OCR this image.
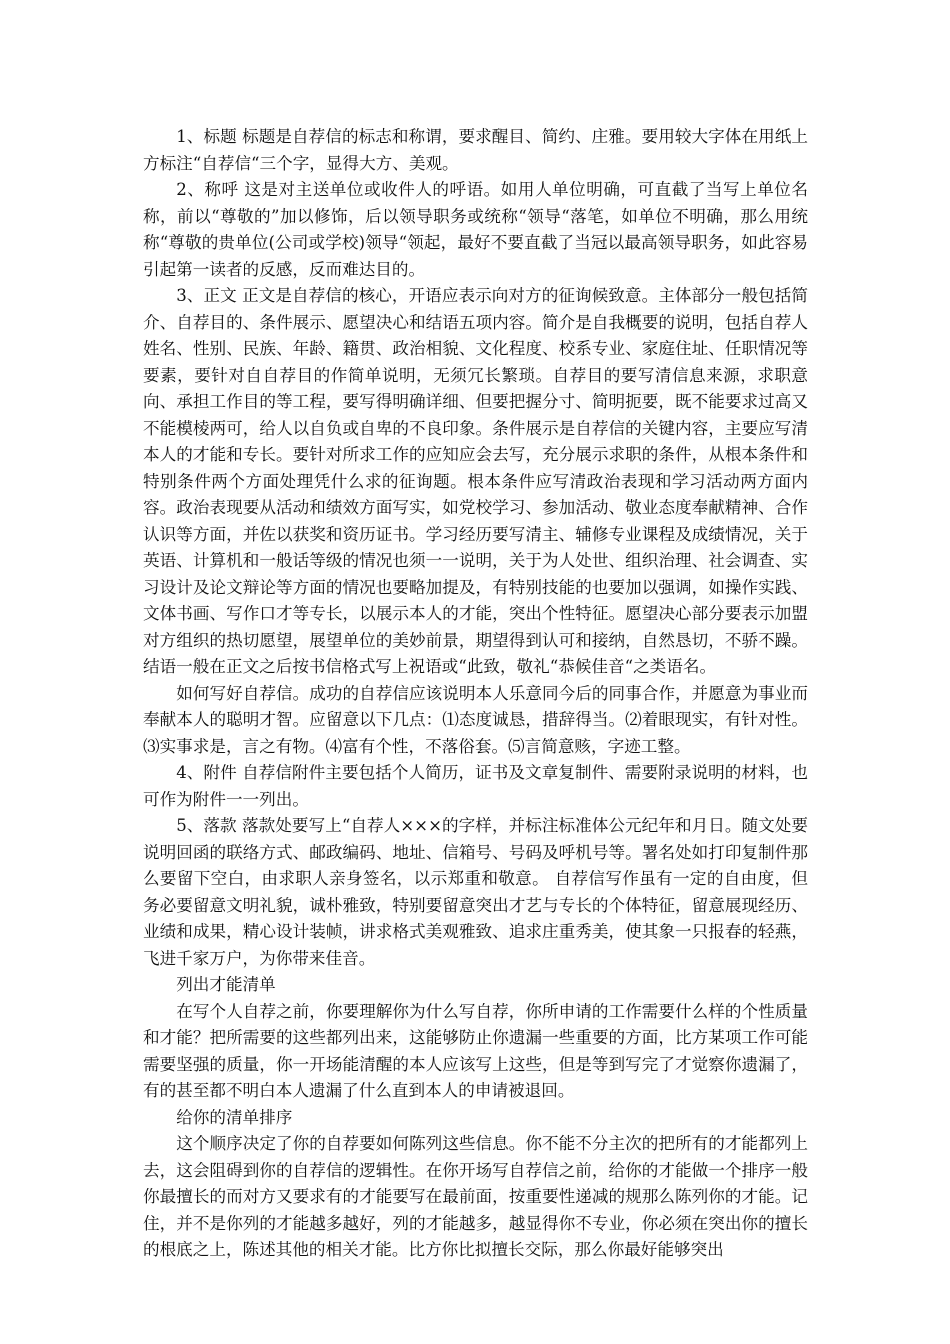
1、标题 标题是自荐信的标志和称谓，要求醒目、简约、庄雅。要用较大字体在用纸上方标注“自荐信“三个字，显得大方、美观。

2、称呼 这是对主送单位或收件人的呼语。如用人单位明确，可直截了当写上单位名称，前以“尊敬的”加以修饰，后以领导职务或统称“领导“落笔，如单位不明确，那么用统称“尊敬的贵单位(公司或学校)领导“领起，最好不要直截了当冠以最高领导职务，如此容易引起第一读者的反感，反而难达目的。

3、正文 正文是自荐信的核心，开语应表示向对方的征询候致意。主体部分一般包括简介、自荐目的、条件展示、愿望决心和结语五项内容。简介是自我概要的说明，包括自荐人姓名、性别、民族、年龄、籍贯、政治相貌、文化程度、校系专业、家庭住址、任职情况等要素，要针对自自荐目的作简单说明，无须冗长繁琐。自荐目的要写清信息来源，求职意向、承担工作目的等工程，要写得明确详细、但要把握分寸、简明扼要，既不能要求过高又不能模棱两可，给人以自负或自卑的不良印象。条件展示是自荐信的关键内容，主要应写清本人的才能和专长。要针对所求工作的应知应会去写，充分展示求职的条件，从根本条件和特别条件两个方面处理凭什么求的征询题。根本条件应写清政治表现和学习活动两方面内容。政治表现要从活动和绩效方面写实，如党校学习、参加活动、敬业态度奉献精神、合作认识等方面，并佐以获奖和资历证书。学习经历要写清主、辅修专业课程及成绩情况，关于英语、计算机和一般话等级的情况也须一一说明，关于为人处世、组织治理、社会调查、实习设计及论文辩论等方面的情况也要略加提及，有特别技能的也要加以强调，如操作实践、文体书画、写作口才等专长，以展示本人的才能，突出个性特征。愿望决心部分要表示加盟对方组织的热切愿望，展望单位的美妙前景，期望得到认可和接纳，自然恳切，不骄不躁。结语一般在正文之后按书信格式写上祝语或“此致，敬礼“恭候佳音“之类语名。

如何写好自荐信。成功的自荐信应该说明本人乐意同今后的同事合作，并愿意为事业而奉献本人的聪明才智。应留意以下几点：⑴态度诚恳，措辞得当。⑵着眼现实，有针对性。⑶实事求是，言之有物。⑷富有个性，不落俗套。⑸言简意赅，字迹工整。

4、附件 自荐信附件主要包括个人简历，证书及文章复制件、需要附录说明的材料，也可作为附件一一列出。

5、落款 落款处要写上“自荐人×××的字样，并标注标准体公元纪年和月日。随文处要说明回函的联络方式、邮政编码、地址、信箱号、号码及呼机号等。署名处如打印复制件那么要留下空白，由求职人亲身签名，以示郑重和敬意。 自荐信写作虽有一定的自由度，但务必要留意文明礼貌，诚朴雅致，特别要留意突出才艺与专长的个体特征，留意展现经历、业绩和成果，精心设计装帧，讲求格式美观雅致、追求庄重秀美，使其象一只报春的轻燕，飞进千家万户，为你带来佳音。

列出才能清单

在写个人自荐之前，你要理解你为什么写自荐，你所申请的工作需要什么样的个性质量和才能？把所需要的这些都列出来，这能够防止你遗漏一些重要的方面，比方某项工作可能需要坚强的质量，你一开场能清醒的本人应该写上这些，但是等到写完了才觉察你遗漏了，有的甚至都不明白本人遗漏了什么直到本人的申请被退回。

给你的清单排序

这个顺序决定了你的自荐要如何陈列这些信息。你不能不分主次的把所有的才能都列上去，这会阻碍到你的自荐信的逻辑性。在你开场写自荐信之前，给你的才能做一个排序一般你最擅长的而对方又要求有的才能要写在最前面，按重要性递减的规那么陈列你的才能。记住，并不是你列的才能越多越好，列的才能越多，越显得你不专业，你必须在突出你的擅长的根底之上，陈述其他的相关才能。比方你比拟擅长交际，那么你最好能够突出
